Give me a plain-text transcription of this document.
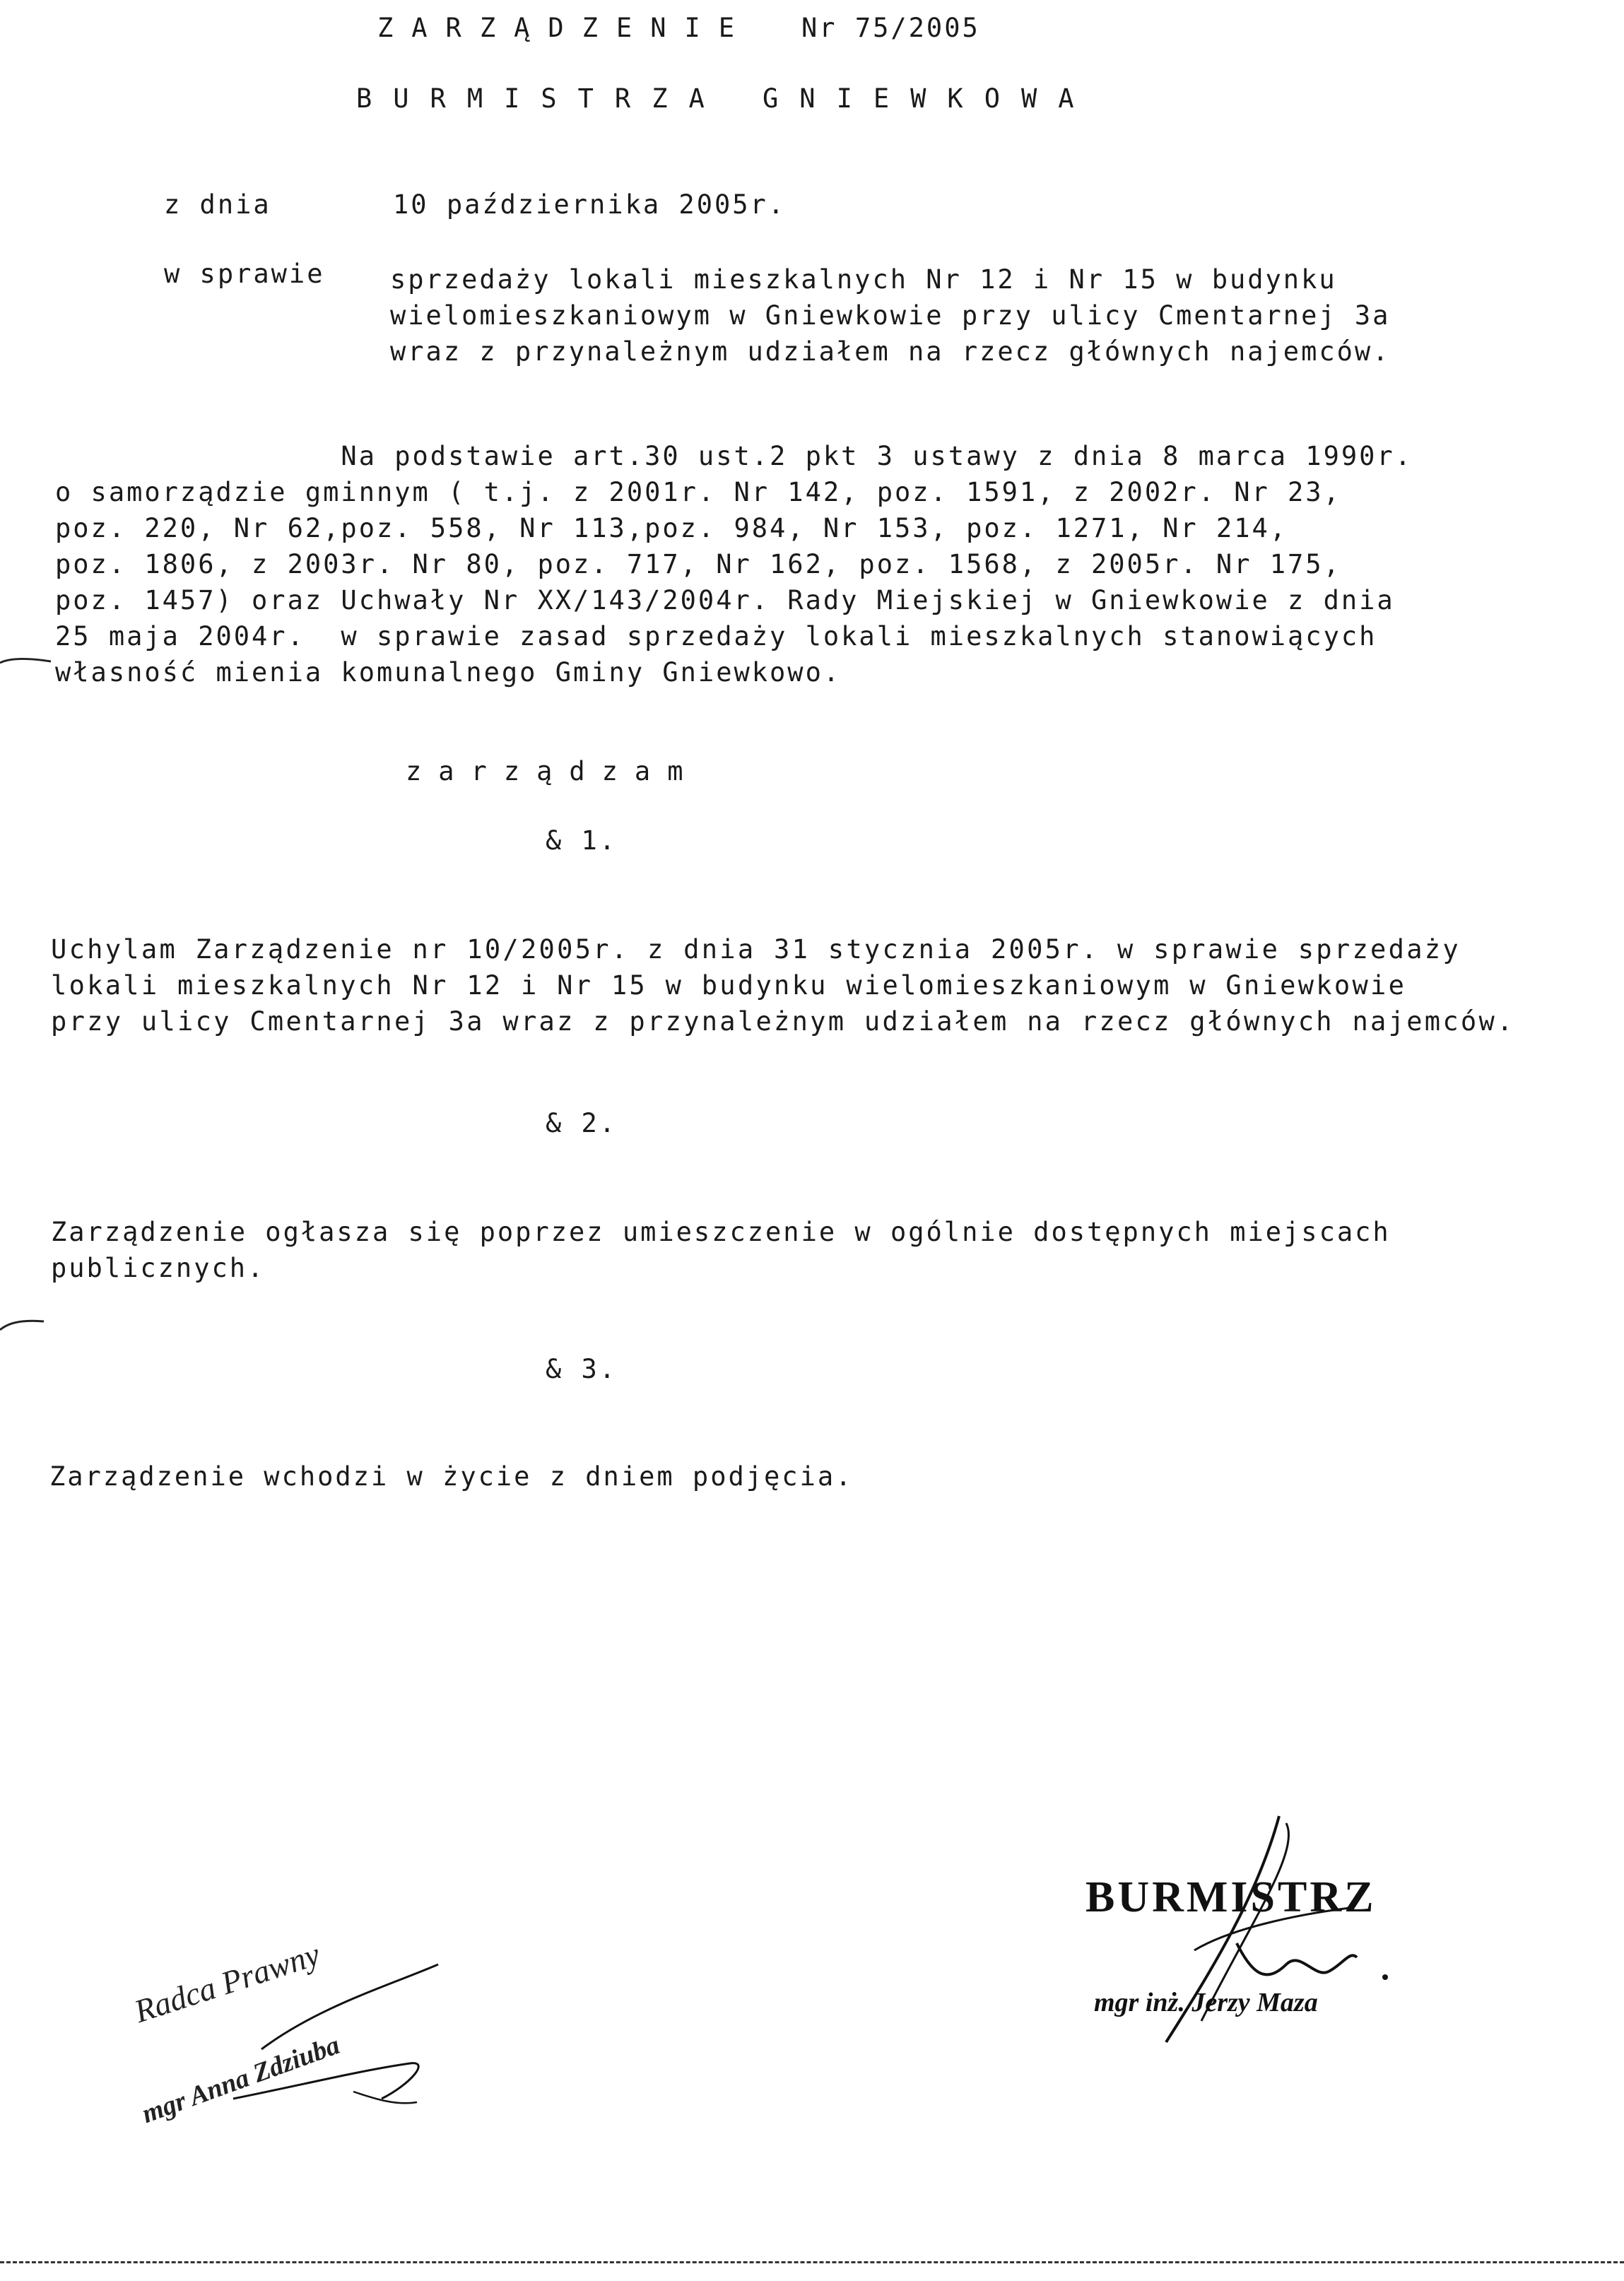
ZARZĄDZENIE Nr 75/2005
BURMISTRZA GNIEWKOWA
z dnia	10 października 2005r.
w sprawie	sprzedaży lokali mieszkalnych Nr 12 i Nr 15 w budynku
wielomieszkaniowym w Gniewkowie przy ulicy Cmentarnej 3a
wraz z przynależnym udziałem na rzecz głównych najemców.
Na podstawie art.30 ust.2 pkt 3 ustawy z dnia 8 marca 1990r.
o samorządzie gminnym ( t.j. z 2001r. Nr 142, poz. 1591, z 2002r. Nr 23,
poz. 220, Nr 62,poz. 558, Nr 113,poz. 984, Nr 153, poz. 1271, Nr 214,
poz. 1806, z 2003r. Nr 80, poz. 717, Nr 162, poz. 1568, z 2005r. Nr 175,
poz. 1457) oraz Uchwały Nr XX/143/2004r. Rady Miejskiej w Gniewkowie z dnia
25 maja 2004r.  w sprawie zasad sprzedaży lokali mieszkalnych stanowiących
własność mienia komunalnego Gminy Gniewkowo.
zarządzam
& 1.
Uchylam Zarządzenie nr 10/2005r. z dnia 31 stycznia 2005r. w sprawie sprzedaży
lokali mieszkalnych Nr 12 i Nr 15 w budynku wielomieszkaniowym w Gniewkowie
przy ulicy Cmentarnej 3a wraz z przynależnym udziałem na rzecz głównych najemców.
& 2.
Zarządzenie ogłasza się poprzez umieszczenie w ogólnie dostępnych miejscach
publicznych.
& 3.
Zarządzenie wchodzi w życie z dniem podjęcia.
BURMISTRZ
mgr inż. Jerzy Maza
Radca Prawny
mgr Anna Zdziuba
